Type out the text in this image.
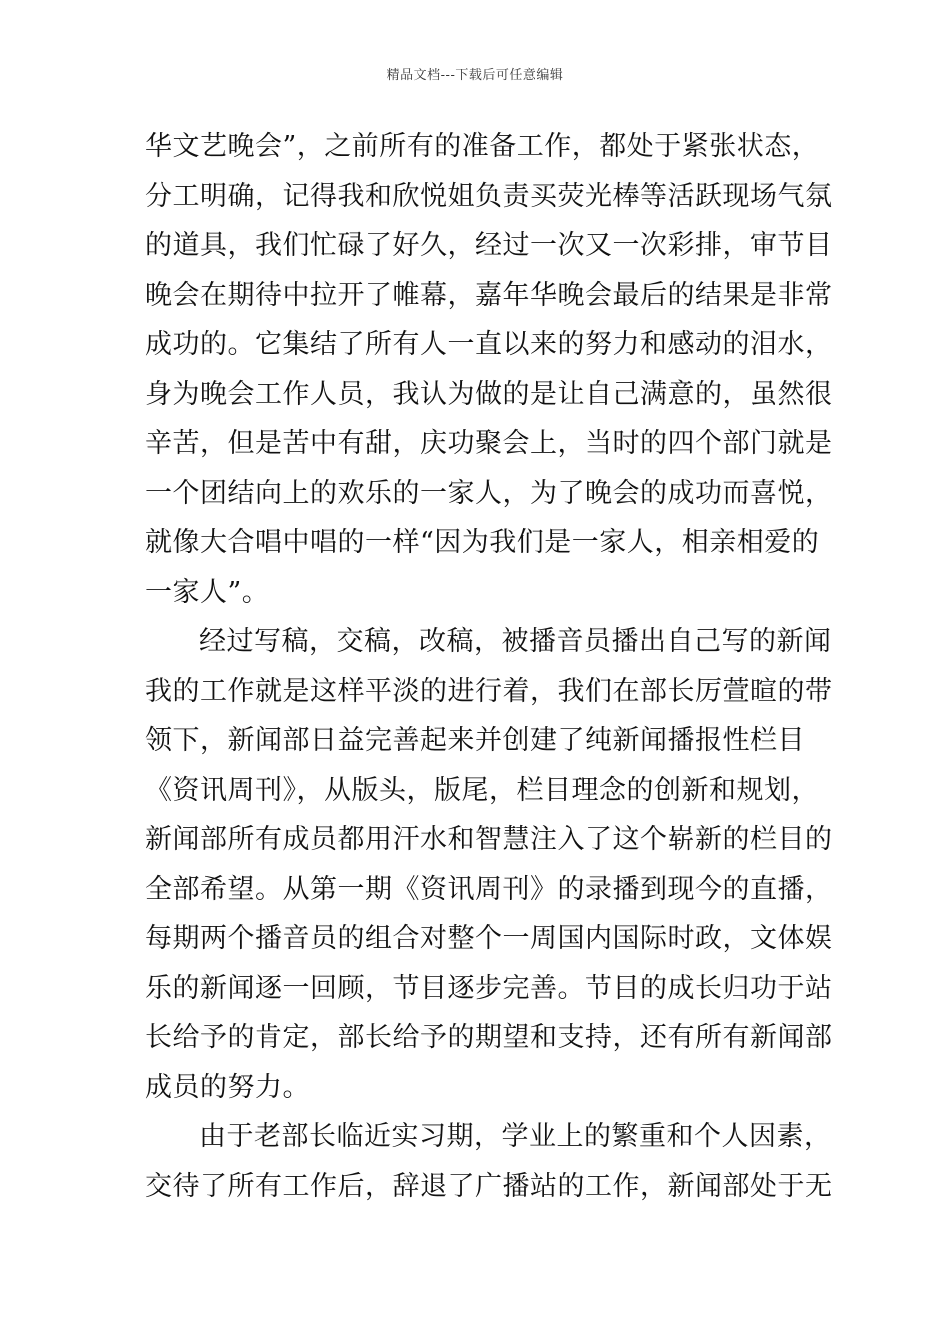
精品文档---下载后可任意编辑
华文艺晚会”，之前所有的准备工作，都处于紧张状态，
分工明确，记得我和欣悦姐负责买荧光棒等活跃现场气氛
的道具，我们忙碌了好久，经过一次又一次彩排，审节目
晚会在期待中拉开了帷幕，嘉年华晚会最后的结果是非常
成功的。它集结了所有人一直以来的努力和感动的泪水，
身为晚会工作人员，我认为做的是让自己满意的，虽然很
辛苦，但是苦中有甜，庆功聚会上，当时的四个部门就是
一个团结向上的欢乐的一家人，为了晚会的成功而喜悦，
就像大合唱中唱的一样“因为我们是一家人，相亲相爱的
一家人”。
经过写稿，交稿，改稿，被播音员播出自己写的新闻
我的工作就是这样平淡的进行着，我们在部长厉萱暄的带
领下，新闻部日益完善起来并创建了纯新闻播报性栏目
《资讯周刊》，从版头，版尾，栏目理念的创新和规划，
新闻部所有成员都用汗水和智慧注入了这个崭新的栏目的
全部希望。从第一期《资讯周刊》的录播到现今的直播，
每期两个播音员的组合对整个一周国内国际时政，文体娱
乐的新闻逐一回顾，节目逐步完善。节目的成长归功于站
长给予的肯定，部长给予的期望和支持，还有所有新闻部
成员的努力。
由于老部长临近实习期，学业上的繁重和个人因素，
交待了所有工作后，辞退了广播站的工作，新闻部处于无
